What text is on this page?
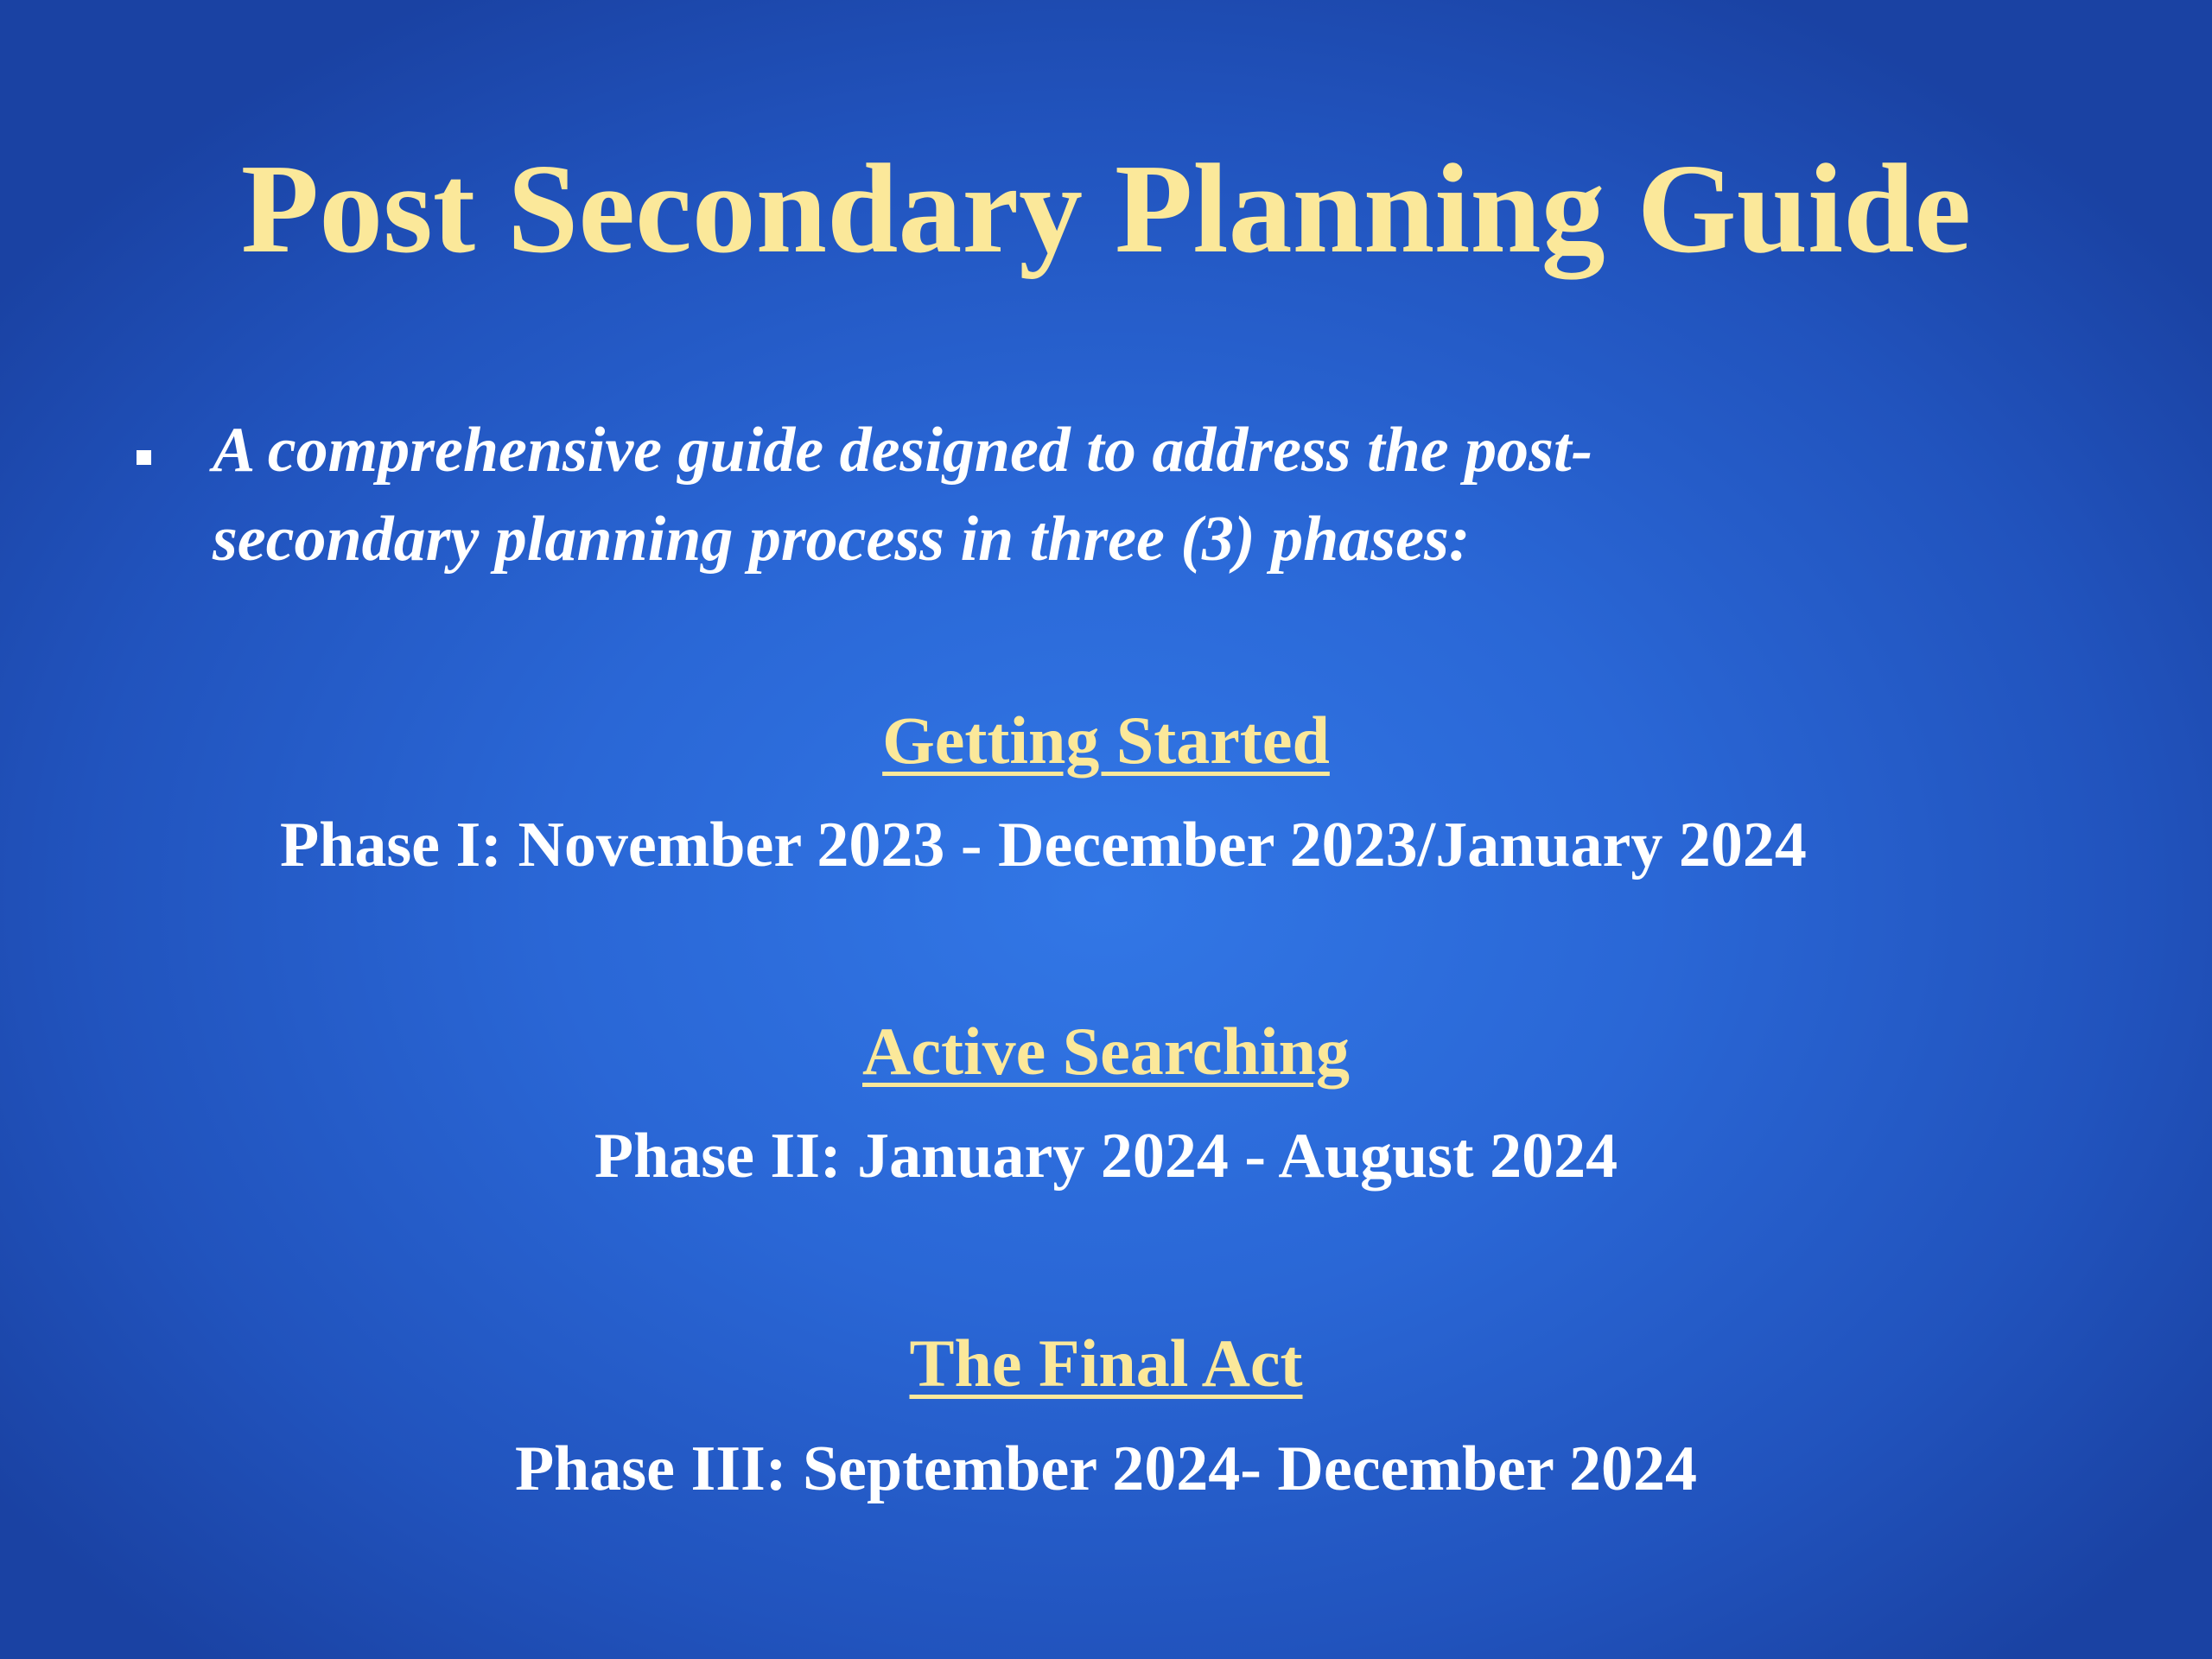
Post Secondary Planning Guide

A comprehensive guide designed to address the post-
secondary planning process in three (3) phases:

Getting Started
Phase I: November 2023 - December 2023/January 2024
Active Searching
Phase II: January 2024 - August 2024
The Final Act
Phase III: September 2024- December 2024
